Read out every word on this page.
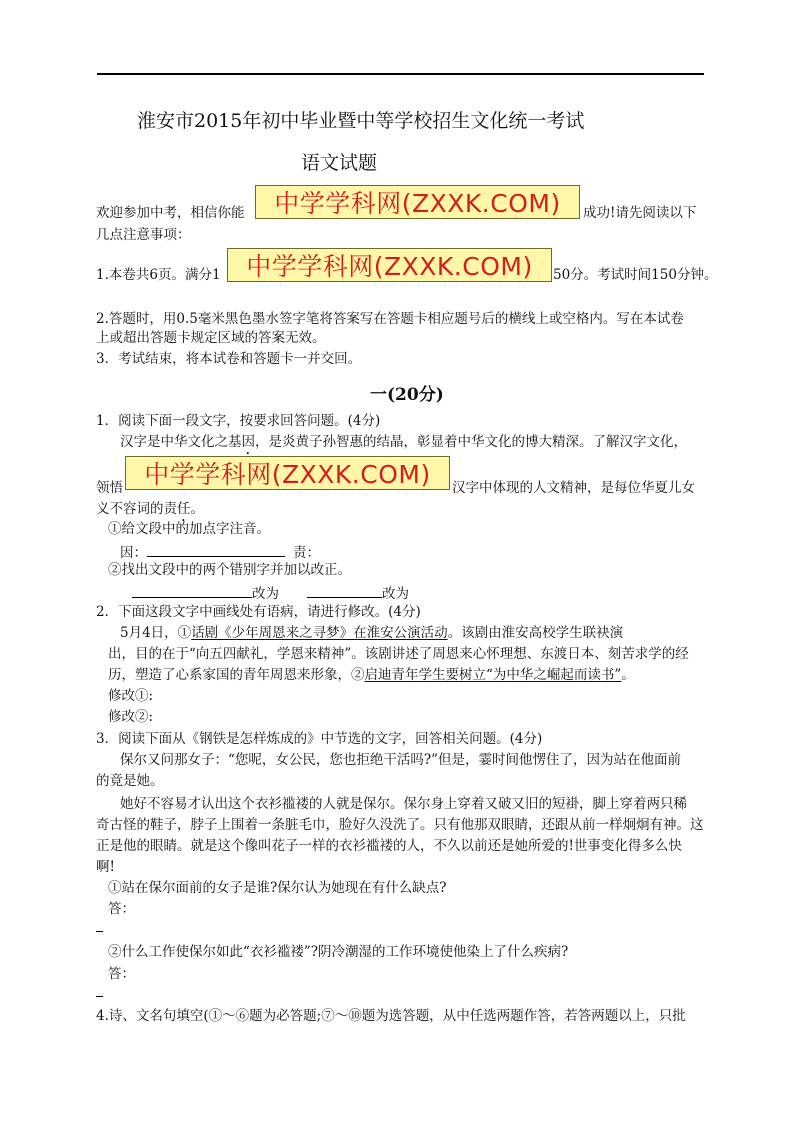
淮安市2015年初中毕业暨中等学校招生文化统一考试
语文试题
欢迎参加中考，相信你能	成功!请先阅读以下
几点注意事项：
1.本卷共6页。满分1	50分。考试时间150分钟。
2.答题时，用0.5毫米黑色墨水签字笔将答案写在答题卡相应题号后的横线上或空格内。写在本试卷
上或超出答题卡规定区域的答案无效。
3．考试结束，将本试卷和答题卡一并交回。
一(20分)
1．阅读下面一段文字，按要求回答问题。(4分)
汉字是中华文化之基因，是炎黄子孙智惠的结晶，彰显着中华文化的博大精深。了解汉字文化，
领悟	汉字中体现的人文精神，是每位华夏儿女
义不容词的责任。
①给文段中的加点字注音。
因：	责：
②找出文段中的两个错别字并加以改正。
改为	改为
2．下面这段文字中画线处有语病，请进行修改。(4分)
5月4日，①话剧《少年周恩来之寻梦》在淮安公演活动。该剧由淮安高校学生联袂演
出，目的在于“向五四献礼，学恩来精神”。该剧讲述了周恩来心怀理想、东渡日本、刻苦求学的经
历，塑造了心系家国的青年周恩来形象，②启迪青年学生要树立“为中华之崛起而读书”。
修改①:
修改②:
3．阅读下面从《钢铁是怎样炼成的》中节选的文字，回答相关问题。(4分)
保尔又问那女子：“您呢，女公民，您也拒绝干活吗?”但是，霎时间他愣住了，因为站在他面前
的竟是她。
她好不容易才认出这个衣衫褴褛的人就是保尔。保尔身上穿着又破又旧的短褂，脚上穿着两只稀
奇古怪的鞋子，脖子上围着一条脏毛巾，脸好久没洗了。只有他那双眼睛，还跟从前一样炯炯有神。这
正是他的眼睛。就是这个像叫花子一样的衣衫褴褛的人，不久以前还是她所爱的!世事变化得多么快
啊!
①站在保尔面前的女子是谁?保尔认为她现在有什么缺点?
答：
②什么工作使保尔如此“衣衫褴褛”?阴冷潮湿的工作环境使他染上了什么疾病?
答：
4.诗、文名句填空(①～⑥题为必答题;⑦～⑩题为选答题，从中任选两题作答，若答两题以上，只批
中学学科网(ZXXK.COM)
中学学科网(ZXXK.COM)
中学学科网(ZXXK.COM)
